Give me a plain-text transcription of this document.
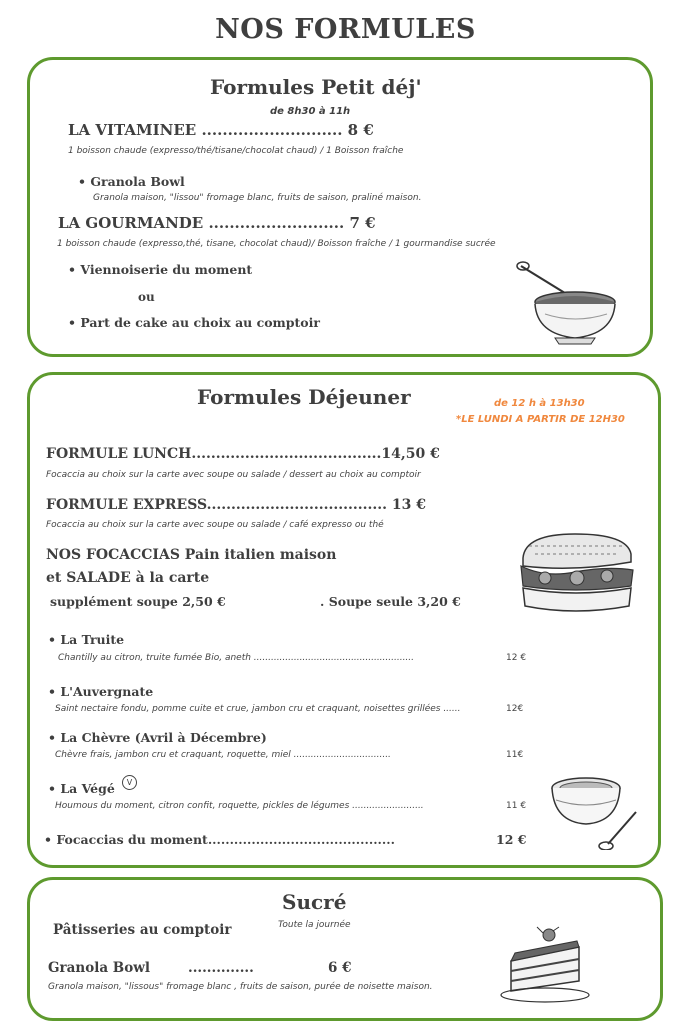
NOS FORMULES
Formules Petit déj'
de 8h30 à 11h
LA VITAMINEE ........................... 8 €
1 boisson chaude (expresso/thé/tisane/chocolat chaud) / 1 Boisson fraîche
• Granola Bowl
Granola maison, "lissou" fromage blanc, fruits de saison, praliné maison.
LA GOURMANDE .......................... 7 €
1 boisson chaude (expresso,thé, tisane, chocolat chaud)/ Boisson fraîche / 1 gourmandise sucrée
• Viennoiserie du moment
ou
• Part de cake au choix au comptoir
Formules Déjeuner	de 12 h à 13h30
*LE LUNDI A PARTIR DE 12H30
FORMULE LUNCH.......................................14,50 €
Focaccia au choix sur la carte avec soupe ou salade / dessert au choix au comptoir
FORMULE EXPRESS..................................... 13 €
Focaccia au choix sur la carte avec soupe ou salade / café expresso ou thé
NOS FOCACCIAS Pain italien maison
et SALADE à la carte
supplément soupe 2,50 €	. Soupe seule 3,20 €
• La Truite
Chantilly au citron, truite fumée Bio, aneth ........................................................	12 €
• L'Auvergnate
Saint nectaire fondu, pomme cuite et crue, jambon cru et craquant, noisettes grillées ......	12€
• La Chèvre (Avril à Décembre)
Chèvre frais, jambon cru et craquant, roquette, miel ..................................	11€
• La Végé	V
Houmous du moment, citron confit, roquette, pickles de légumes .........................	11 €
• Focaccias du moment...........................................	12 €
Sucré
Toute la journée
Pâtisseries au comptoir
Granola Bowl	..............	6 €
Granola maison, "lissous" fromage blanc , fruits de saison, purée de noisette maison.
